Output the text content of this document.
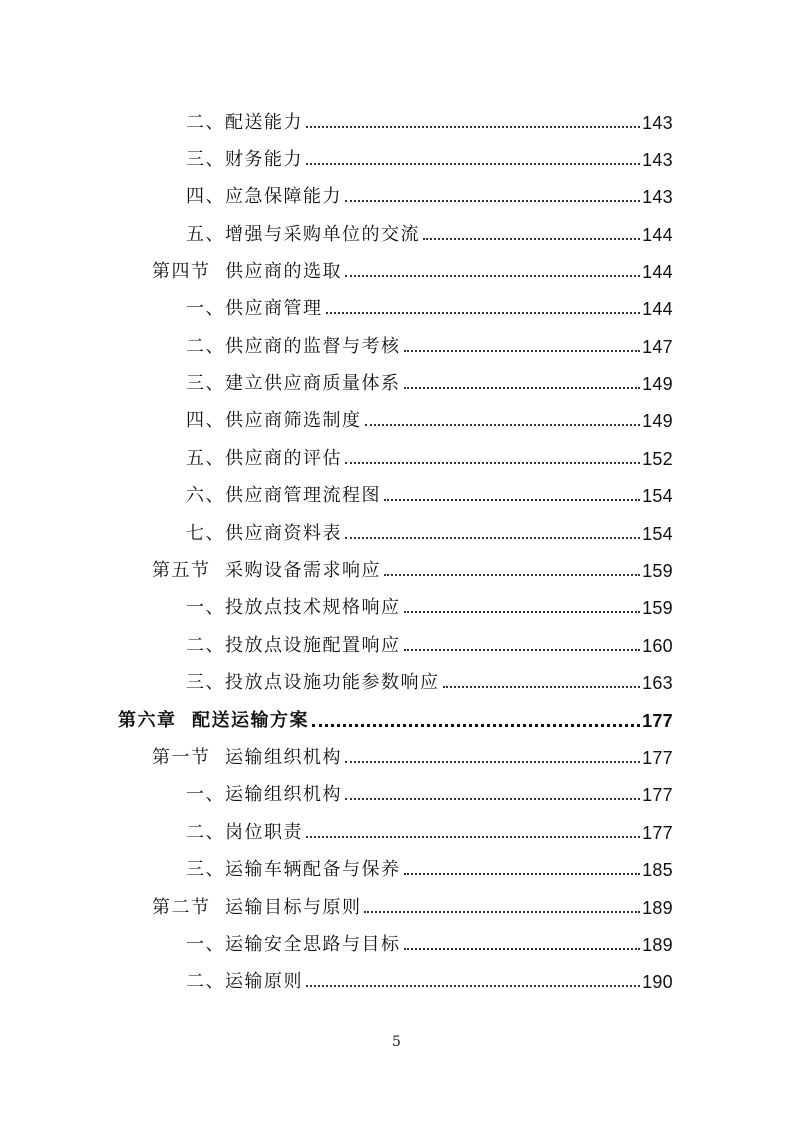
二、配送能力	143
三、财务能力	143
四、应急保障能力	143
五、增强与采购单位的交流	144
第四节  供应商的选取	144
一、供应商管理	144
二、供应商的监督与考核	147
三、建立供应商质量体系	149
四、供应商筛选制度	149
五、供应商的评估	152
六、供应商管理流程图	154
七、供应商资料表	154
第五节  采购设备需求响应	159
一、投放点技术规格响应	159
二、投放点设施配置响应	160
三、投放点设施功能参数响应	163
第六章  配送运输方案	177
第一节  运输组织机构	177
一、运输组织机构	177
二、岗位职责	177
三、运输车辆配备与保养	185
第二节  运输目标与原则	189
一、运输安全思路与目标	189
二、运输原则	190
5
